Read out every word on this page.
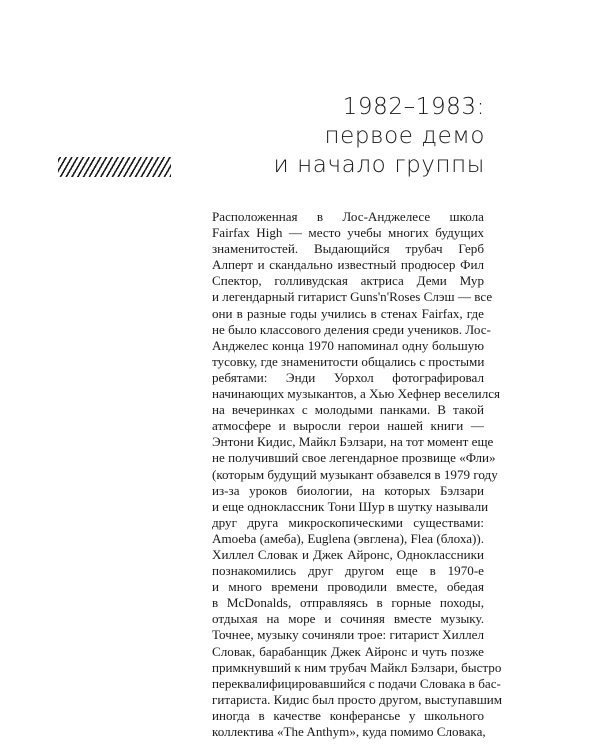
1982–1983:
первое демо
и начало группы
Расположенная в Лос-Анджелесе школа
Fairfax High — место учебы многих будущих
знаменитостей. Выдающийся трубач Герб
Алперт и скандально известный продюсер Фил
Спектор, голливудская актриса Деми Мур
и легендарный гитарист Guns'n'Roses Слэш — все
они в разные годы учились в стенах Fairfax, где
не было классового деления среди учеников. Лос-
Анджелес конца 1970 напоминал одну большую
тусовку, где знаменитости общались с простыми
ребятами: Энди Уорхол фотографировал
начинающих музыкантов, а Хью Хефнер веселился
на вечеринках с молодыми панками. В такой
атмосфере и выросли герои нашей книги —
Энтони Кидис, Майкл Бэлзари, на тот момент еще
не получивший свое легендарное прозвище «Фли»
(которым будущий музыкант обзавелся в 1979 году
из-за уроков биологии, на которых Бэлзари
и еще одноклассник Тони Шур в шутку называли
друг друга микроскопическими существами:
Amoeba (амеба), Euglena (эвглена), Flea (блоха)).
Хиллел Словак и Джек Айронс, Одноклассники
познакомились друг другом еще в 1970-е
и много времени проводили вместе, обедая
в McDonalds, отправляясь в горные походы,
отдыхая на море и сочиняя вместе музыку.
Точнее, музыку сочиняли трое: гитарист Хиллел
Словак, барабанщик Джек Айронс и чуть позже
примкнувший к ним трубач Майкл Бэлзари, быстро
переквалифицировавшийся с подачи Словака в бас-
гитариста. Кидис был просто другом, выступавшим
иногда в качестве конферансье у школьного
коллектива «The Anthym», куда помимо Словака,
